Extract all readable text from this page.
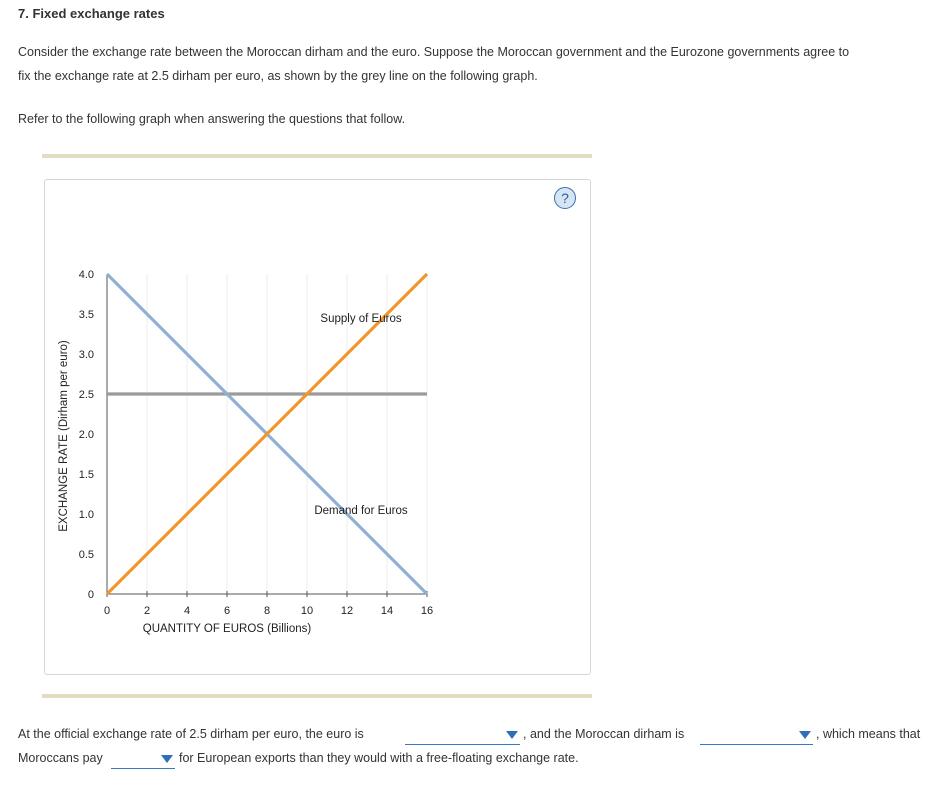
7. Fixed exchange rates
Consider the exchange rate between the Moroccan dirham and the euro. Suppose the Moroccan government and the Eurozone governments agree to
fix the exchange rate at 2.5 dirham per euro, as shown by the grey line on the following graph.
Refer to the following graph when answering the questions that follow.
?
0	2	4	6	8	10	12	14	16
0
0.5
1.0
1.5
2.0
2.5
3.0
3.5
4.0
Supply of Euros
Demand for Euros
QUANTITY OF EUROS (Billions)
EXCHANGE RATE (Dirham per euro)
At the official exchange rate of 2.5 dirham per euro, the euro is	, and the Moroccan dirham is	, which means that
Moroccans pay	for European exports than they would with a free-floating exchange rate.
